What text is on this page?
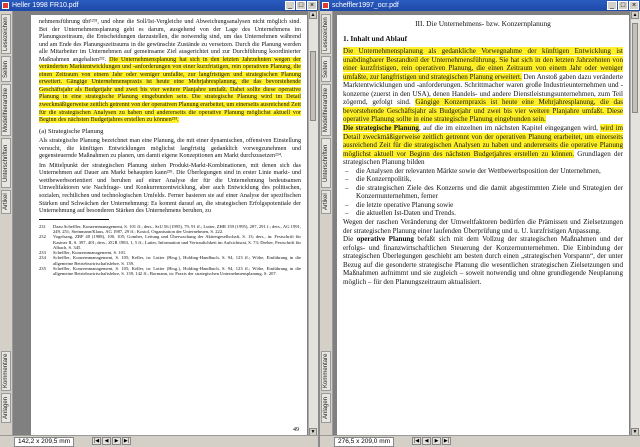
Heller 1998 FR10.pdf	_ □ ×
Lesezeichen
Seiten
Modellhierarchie
Unterschriften
Artikel
Kommentare
Anlagen

nehmensführung übt¹²³¹, und ohne die Soll/Ist-Vergleiche und Abweichungsanalysen nicht möglich sind. Bei der Unternehmensplanung geht es darum, ausgehend von der Lage des Unternehmens im Planungszeitraum, die Entscheidungen darzustellen, die notwendig sind, um das Unternehmen während und am Ende des Planungszeitraums in die gewünschte Zustände zu versetzen. Durch die Planung werden alle Mitarbeiter im Unternehmen auf gemeinsame Ziel ausgerichtet und zur Durchführung koordinierter Maßnahmen angehalten²³². Die Unternehmensplanung hat sich in den letzten Jahrzehnten wegen der veränderten Marktentwicklungen und -anforderungen von einer kurzfristigen, rein operativen Planung, die einen Zeitraum von einem Jahr oder weniger umfaßte, zur langfristigen und strategischen Planung erweitert. Gängige Unternehmenspraxis ist heute eine Mehrjahresplanung, die das bevorstehende Geschäftsjahr als Budgetjahr und zwei bis vier weitere Planjahre umfaßt. Dabei sollte diese operative Planung in eine strategische Planung eingebunden sein. Die strategische Planung wird im Detail zweckmäßigerweise zeitlich getrennt von der operativen Planung erarbeitet, um einerseits ausreichend Zeit für die strategischen Analysen zu haben und andererseits die operative Planung möglichst aktuell vor Beginn des nächsten Budgetjahres erstellen zu können²³³.

(a) Strategische Planung

Als strategische Planung bezeichnet man eine Planung, die mit einer dynamischen, offensiven Einstellung versucht, die künftigen Entwicklungen möglichst langfristig gedanklich vorwegzunehmen und gegensteuernde Maßnahmen zu planen, um damit eigene Konzeptionen am Markt durchzusetzen²³⁴.

Im Mittelpunkt der strategischen Planung stehen Produkt-Markt-Kombinationen, mit denen sich das Unternehmen auf Dauer am Markt behaupten kann²³⁵. Die Überlegungen sind in erster Linie markt- und wettbewerbsorientiert und beruhen auf einer Analyse der für die Unternehmung bedeutsamen Umweltfaktoren wie Nachfrage- und Konkurrenzentwicklung, aber auch Entwicklung des politischen, sozialen, rechtlichen und technologischen Umfelds. Ferner basieren sie auf einer Analyse der spezifischen Stärken und Schwächen der Unternehmung: Es kommt darauf an, die strategischen Erfolgspotentiale der Unternehmung auf besonderen Stärken des Unternehmens beruhen, zu

231	Dazu Scheffler, Konzernmanagement, S. 101 ff.; ders., SzU 56 (1995), 79, 91 ff.; Lutter, ZHR 159 (1995), 287, 291 f.; ders., AG 1991, 249, 251; Steinmann/Klaus, AG 1987, 29 ff.; Kostol, Organisation der Unternehmen, S. 222.
232	Vogelsang, ZBF 40 (1988), 100, 105; Gomber, Leitung und Überwachung der Aktiengesellschaft, S. 13; ders., in: Festschrift für Kastner II, S. 397, 401; ders., ZGR 1983, 1, 5 ff.; Lutter, Information und Vertraulichkeit im Aufsichtsrat, S. 73; Dreher, Festschrift für Albach, S. 345.
233	Scheffler, Konzernmanagement, S. 101.
234	Scheffler, Konzernmanagement, S. 105; Keller, in: Lutter (Hrsg.), Holding-Handbuch, S. 94, 123 ff.; Wöhe, Einführung in die allgemeine Betriebswirtschaftslehre, S. 139.
235	Scheffler, Konzernmanagement, S. 105; Keller, in: Lutter (Hrsg.), Holding-Handbuch, S. 94, 123 ff.; Wöhe, Einführung in die allgemeine Betriebswirtschaftslehre, S. 139, 142 ff.; Bormann, in: Praxis der strategischen Unternehmensplanung, S. 207.
49
▲
▼
142,2 x 209,5 mm	|◀	◀	▶	▶|
scheffler1997_ocr.pdf	_ □ ×
Lesezeichen
Seiten
Modellhierarchie
Unterschriften
Artikel
Kommentare
Anlagen
III. Die Unternehmens- bzw. Konzernplanung
1. Inhalt und Ablauf

Die Unternehmensplanung als gedankliche Vorwegnahme der künftigen Entwicklung ist unabdingbarer Bestandteil der Unternehmensführung. Sie hat sich in den letzten Jahrzehnten von einer kurzfristigen, rein operativen Planung, die einen Zeitraum von einem Jahr oder weniger umfaßte, zur langfristigen und strategischen Planung erweitert. Den Anstoß gaben dazu veränderte Marktentwicklungen und -anforderungen. Schrittmacher waren große Industrieunternehmen und -konzerne (zuerst in den USA), denen Handels- und andere Dienstleistungsunternehmen, zum Teil zögernd, gefolgt sind. Gängige Konzernpraxis ist heute eine Mehrjahresplanung, die das bevorstehende Geschäftsjahr als Budgetjahr und zwei bis vier weitere Planjahre umfaßt. Diese operative Planung sollte in eine strategische Planung eingebunden sein.

Die strategische Planung, auf die im einzelnen im nächsten Kapitel eingegangen wird, wird im Detail zweckmäßigerweise zeitlich getrennt von der operativen Planung erarbeitet, um einerseits ausreichend Zeit für die strategischen Analysen zu haben und andererseits die operative Planung möglichst aktuell vor Beginn des nächsten Budgetjahres erstellen zu können. Grundlagen der strategischen Planung bilden

– die Analysen der relevanten Märkte sowie der Wettbewerbsposition der Unternehmen,
– die Konzernpolitik,
– die strategischen Ziele des Konzerns und die damit abgestimmten Ziele und Strategien der Konzernunternehmen, ferner
– die letzte operative Planung sowie
– die aktuellen Ist-Daten und Trends.

Wegen der raschen Veränderung der Umweltfaktoren bedürfen die Prämissen und Zielsetzungen der strategischen Planung einer laufenden Überprüfung und u. U. kurzfristigen Anpassung.

Die operative Planung befaßt sich mit dem Vollzug der strategischen Maßnahmen und der erfolgs- und finanzwirtschaftlichen Steuerung der Konzernunternehmen. Die Einbindung der strategischen Überlegungen geschieht am besten durch einen „strategischen Vorspann“, der unter Bezug auf die gesonderte strategische Planung die wesentlichen strategischen Zielsetzungen und Maßnahmen aufnimmt und sie zugleich – soweit notwendig und ohne grundlegende Neuplanung möglich – für den Planungszeitraum aktualisiert.

▲
▼
276,5 x 209,0 mm	|◀	◀	▶	▶|
